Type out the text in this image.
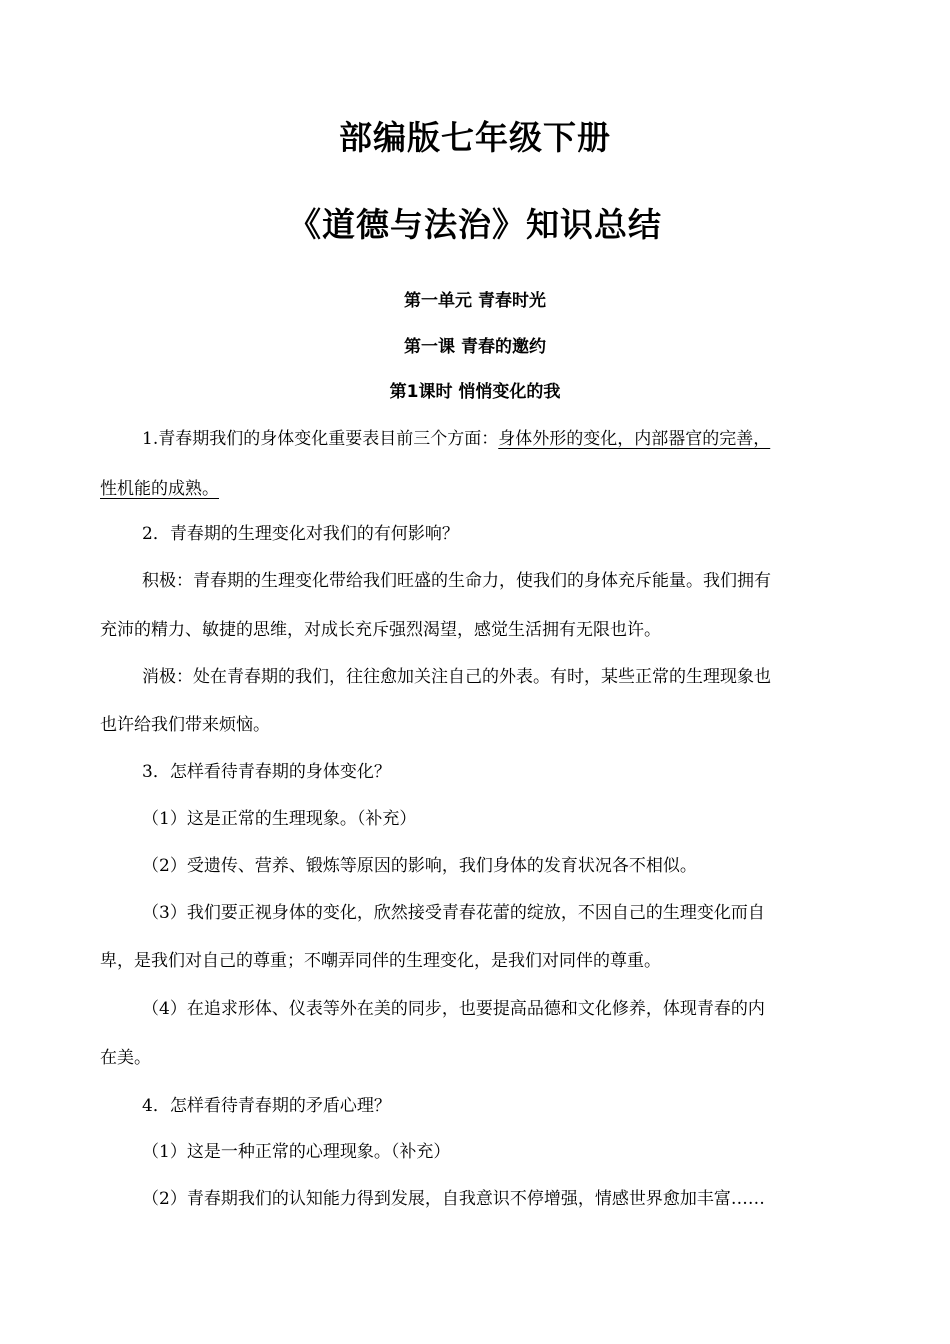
部编版七年级下册
《道德与法治》知识总结
第一单元 青春时光
第一课 青春的邀约
第1课时 悄悄变化的我
1.青春期我们的身体变化重要表目前三个方面：身体外形的变化，内部器官的完善，
性机能的成熟。
2．青春期的生理变化对我们的有何影响？
积极：青春期的生理变化带给我们旺盛的生命力，使我们的身体充斥能量。我们拥有
充沛的精力、敏捷的思维，对成长充斥强烈渴望，感觉生活拥有无限也许。
消极：处在青春期的我们，往往愈加关注自己的外表。有时，某些正常的生理现象也
也许给我们带来烦恼。
3．怎样看待青春期的身体变化？
（1）这是正常的生理现象。（补充）
（2）受遗传、营养、锻炼等原因的影响，我们身体的发育状况各不相似。
（3）我们要正视身体的变化，欣然接受青春花蕾的绽放，不因自己的生理变化而自
卑，是我们对自己的尊重；不嘲弄同伴的生理变化，是我们对同伴的尊重。
（4）在追求形体、仪表等外在美的同步，也要提高品德和文化修养，体现青春的内
在美。
4．怎样看待青春期的矛盾心理？
（1）这是一种正常的心理现象。（补充）
（2）青春期我们的认知能力得到发展，自我意识不停增强，情感世界愈加丰富……
